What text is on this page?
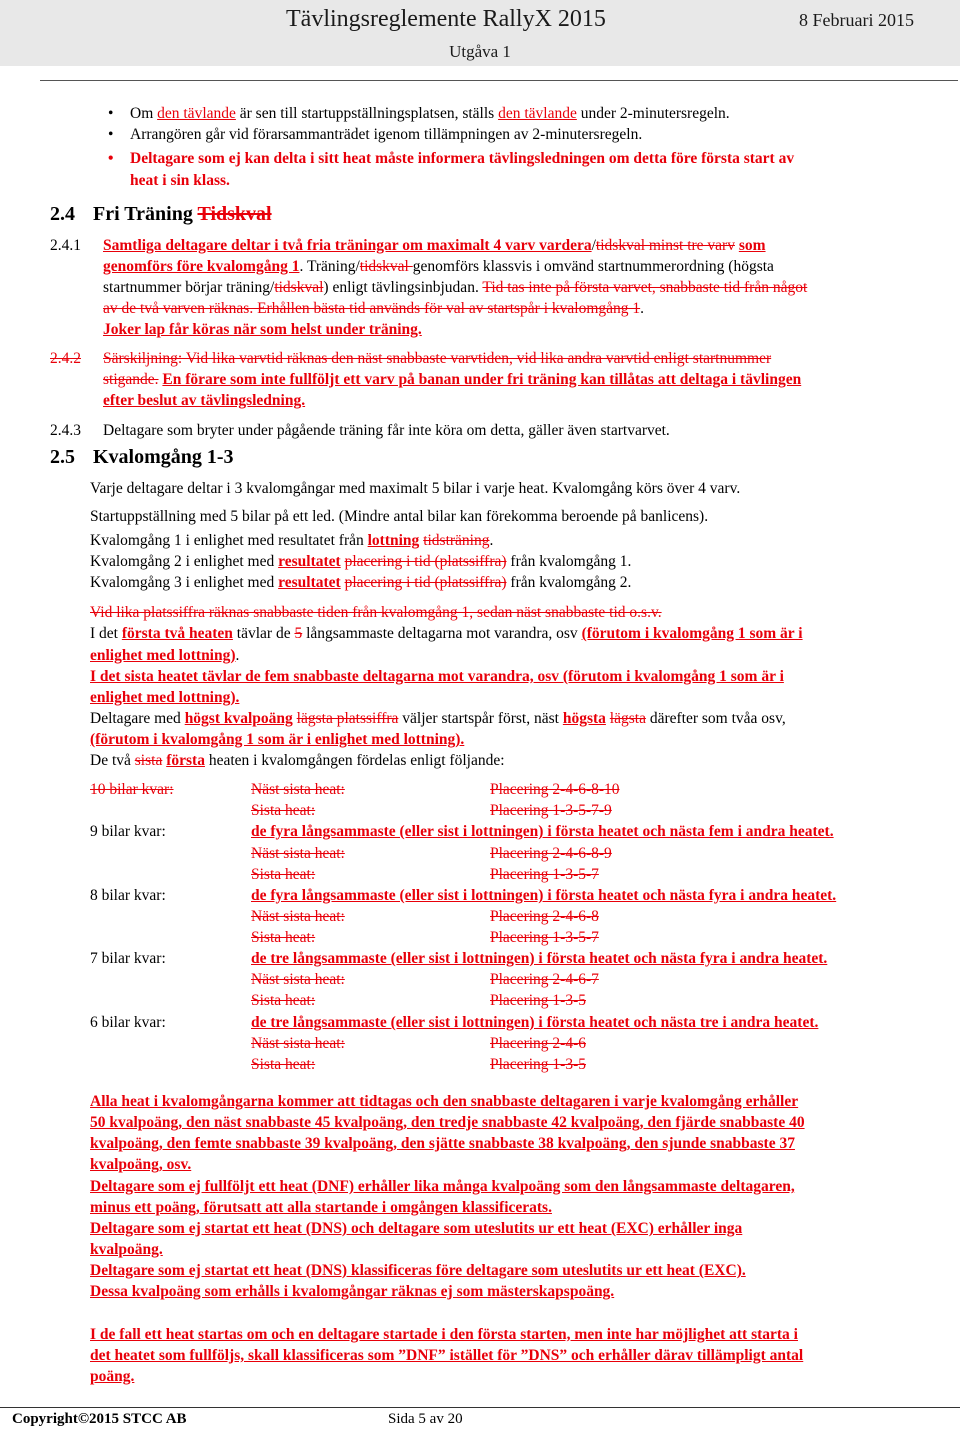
Tävlingsreglemente RallyX 2015	8 Februari 2015
Utgåva 1
• Om den tävlande är sen till startuppställningsplatsen, ställs den tävlande under 2-minutersregeln.
• Arrangören går vid förarsammanträdet igenom tillämpningen av 2-minutersregeln.
• Deltagare som ej kan delta i sitt heat måste informera tävlingsledningen om detta före första start av
heat i sin klass.
2.4 Fri Träning Tidskval
2.4.1 Samtliga deltagare deltar i två fria träningar om maximalt 4 varv vardera/tidskval minst tre varv som
genomförs före kvalomgång 1. Träning/tidskval genomförs klassvis i omvänd startnummerordning (högsta
startnummer börjar träning/tidskval) enligt tävlingsinbjudan. Tid tas inte på första varvet, snabbaste tid från något
av de två varven räknas. Erhållen bästa tid används för val av startspår i kvalomgång 1.
Joker lap får köras när som helst under träning.
2.4.2 Särskiljning: Vid lika varvtid räknas den näst snabbaste varvtiden, vid lika andra varvtid enligt startnummer
stigande. En förare som inte fullföljt ett varv på banan under fri träning kan tillåtas att deltaga i tävlingen
efter beslut av tävlingsledning.
2.4.3 Deltagare som bryter under pågående träning får inte köra om detta, gäller även startvarvet.
2.5 Kvalomgång 1-3
Varje deltagare deltar i 3 kvalomgångar med maximalt 5 bilar i varje heat. Kvalomgång körs över 4 varv.
Startuppställning med 5 bilar på ett led. (Mindre antal bilar kan förekomma beroende på banlicens).
Kvalomgång 1 i enlighet med resultatet från lottning tidsträning.
Kvalomgång 2 i enlighet med resultatet placering i tid (platssiffra) från kvalomgång 1.
Kvalomgång 3 i enlighet med resultatet placering i tid (platssiffra) från kvalomgång 2.
Vid lika platssiffra räknas snabbaste tiden från kvalomgång 1, sedan näst snabbaste tid o.s.v.
I det första två heaten tävlar de 5 långsammaste deltagarna mot varandra, osv (förutom i kvalomgång 1 som är i
enlighet med lottning).
I det sista heatet tävlar de fem snabbaste deltagarna mot varandra, osv (förutom i kvalomgång 1 som är i
enlighet med lottning).
Deltagare med högst kvalpoäng lägsta platssiffra väljer startspår först, näst högsta lägsta därefter som tvåa osv,
(förutom i kvalomgång 1 som är i enlighet med lottning).
De två sista första heaten i kvalomgången fördelas enligt följande:
10 bilar kvar:	Näst sista heat:	Placering 2-4-6-8-10
Sista heat:	Placering 1-3-5-7-9
9 bilar kvar:	de fyra långsammaste (eller sist i lottningen) i första heatet och nästa fem i andra heatet.
Näst sista heat:	Placering 2-4-6-8-9
Sista heat:	Placering 1-3-5-7
8 bilar kvar:	de fyra långsammaste (eller sist i lottningen) i första heatet och nästa fyra i andra heatet.
Näst sista heat:	Placering 2-4-6-8
Sista heat:	Placering 1-3-5-7
7 bilar kvar:	de tre långsammaste (eller sist i lottningen) i första heatet och nästa fyra i andra heatet.
Näst sista heat:	Placering 2-4-6-7
Sista heat:	Placering 1-3-5
6 bilar kvar:	de tre långsammaste (eller sist i lottningen) i första heatet och nästa tre i andra heatet.
Näst sista heat:	Placering 2-4-6
Sista heat:	Placering 1-3-5
Alla heat i kvalomgångarna kommer att tidtagas och den snabbaste deltagaren i varje kvalomgång erhåller
50 kvalpoäng, den näst snabbaste 45 kvalpoäng, den tredje snabbaste 42 kvalpoäng, den fjärde snabbaste 40
kvalpoäng, den femte snabbaste 39 kvalpoäng, den sjätte snabbaste 38 kvalpoäng, den sjunde snabbaste 37
kvalpoäng, osv.
Deltagare som ej fullföljt ett heat (DNF) erhåller lika många kvalpoäng som den långsammaste deltagaren,
minus ett poäng, förutsatt att alla startande i omgången klassificerats.
Deltagare som ej startat ett heat (DNS) och deltagare som uteslutits ur ett heat (EXC) erhåller inga
kvalpoäng.
Deltagare som ej startat ett heat (DNS) klassificeras före deltagare som uteslutits ur ett heat (EXC).
Dessa kvalpoäng som erhålls i kvalomgångar räknas ej som mästerskapspoäng.
I de fall ett heat startas om och en deltagare startade i den första starten, men inte har möjlighet att starta i
det heatet som fullföljs, skall klassificeras som ”DNF” istället för ”DNS” och erhåller därav tillämpligt antal
poäng.
Copyright©2015 STCC AB	Sida 5 av 20
